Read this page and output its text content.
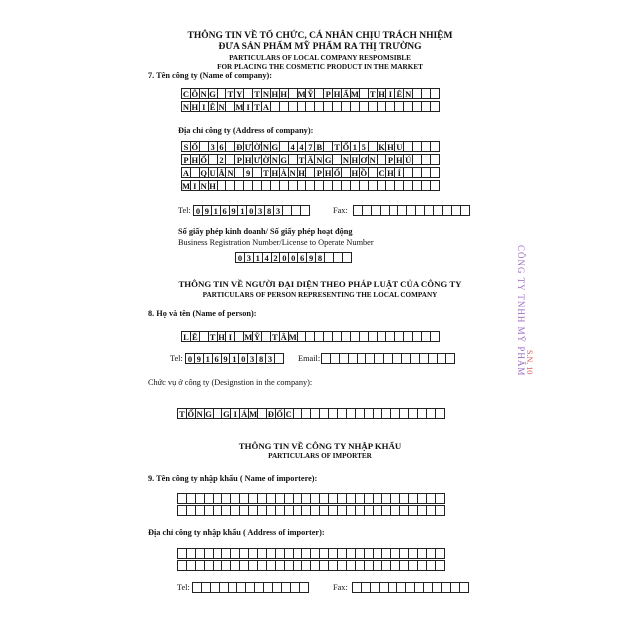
THÔNG TIN VỀ TỔ CHỨC, CÁ NHÂN CHỊU TRÁCH NHIỆM
ĐƯA SẢN PHẨM MỸ PHẨM RA THỊ TRƯỜNG
PARTICULARS OF LOCAL COMPANY RESPOMSIBLE
FOR PLACING THE COSMETIC PRODUCT IN THE MARKET
7. Tên công ty (Name of company):
C Ô N G T Y T N H H M Ỹ P H Ẩ M T H I Ê N
N H I Ê N M I T A
Địa chỉ công ty (Address of company):
S Ố	3 6	Đ Ư Ờ N G	4 4 7 B T Ổ 1 5	K H U
P H Ố	2	P H Ư Ờ N G T Ă N G N H Ơ N P H Ú
A Q U Ậ N	9	T H À N H P H Ố H Ồ C H Í
M I N H
Tel: 0 9 1 6 9 1 0 3 8 3	Fax:
Số giấy phép kinh doanh/ Số giấy phép hoạt động
Business Registration Number/License to Operate Number
0 3 1 4 2 0 0 6 9 8
THÔNG TIN VỀ NGƯỜI ĐẠI DIỆN THEO PHÁP LUẬT CỦA CÔNG TY
PARTICULARS OF PERSON REPRESENTING THE LOCAL COMPANY
8. Họ và tên (Name of person):
L Ê T H Ị	M Ỹ T Â M
Tel: 0 9 1 6 9 1 0 3 8 3	Email:
Chức vụ ở công ty (Designstion in the company):
T Ổ N G G I Á M Đ Ố C
THÔNG TIN VỀ CÔNG TY NHẬP KHẨU
PARTICULARS OF IMPORTER
9. Tên công ty nhập khẩu ( Name of importere):
Địa chỉ công ty nhập khẩu ( Address of importer):
Tel:	Fax:
CÔNG TY TNHH MỸ PHẨM S.N. 10
